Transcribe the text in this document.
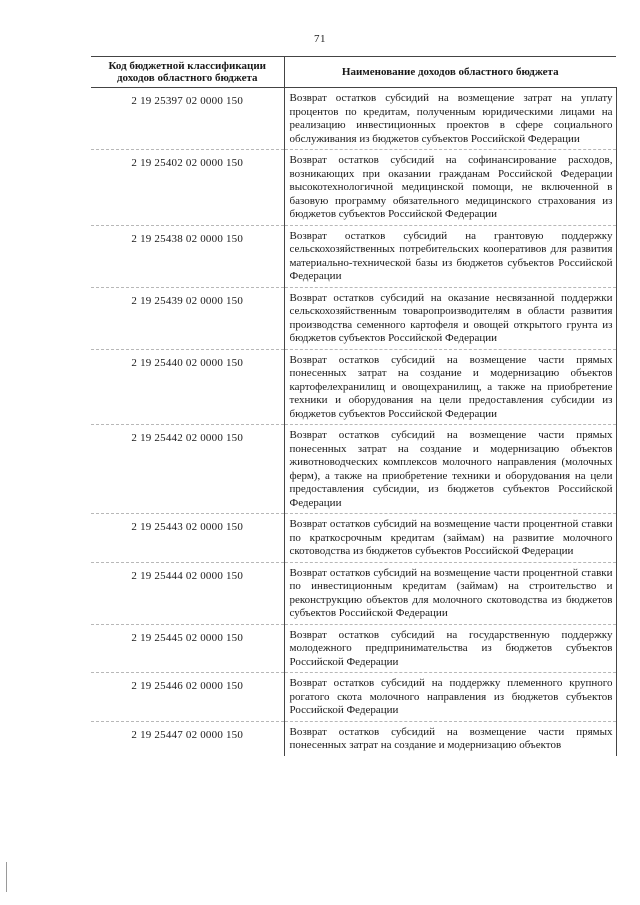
71
Код бюджетной классификации доходов областного бюджета	Наименование доходов областного бюджета
2 19 25397 02 0000 150	Возврат остатков субсидий на возмещение затрат на уплату процентов по кредитам, полученным юридическими лицами на реализацию инвестиционных проектов в сфере социального обслуживания из бюджетов субъектов Российской Федерации
2 19 25402 02 0000 150	Возврат остатков субсидий на софинансирование расходов, возникающих при оказании гражданам Российской Федерации высокотехнологичной медицинской помощи, не включенной в базовую программу обязательного медицинского страхования из бюджетов субъектов Российской Федерации
2 19 25438 02 0000 150	Возврат остатков субсидий на грантовую поддержку сельскохозяйственных потребительских кооперативов для развития материально-технической базы из бюджетов субъектов Российской Федерации
2 19 25439 02 0000 150	Возврат остатков субсидий на оказание несвязанной поддержки сельскохозяйственным товаропроизводителям в области развития производства семенного картофеля и овощей открытого грунта из бюджетов субъектов Российской Федерации
2 19 25440 02 0000 150	Возврат остатков субсидий на возмещение части прямых понесенных затрат на создание и модернизацию объектов картофелехранилищ и овощехранилищ, а также на приобретение техники и оборудования на цели предоставления субсидии из бюджетов субъектов Российской Федерации
2 19 25442 02 0000 150	Возврат остатков субсидий на возмещение части прямых понесенных затрат на создание и модернизацию объектов животноводческих комплексов молочного направления (молочных ферм), а также на приобретение техники и оборудования на цели предоставления субсидии, из бюджетов субъектов Российской Федерации
2 19 25443 02 0000 150	Возврат остатков субсидий на возмещение части процентной ставки по краткосрочным кредитам (займам) на развитие молочного скотоводства из бюджетов субъектов Российской Федерации
2 19 25444 02 0000 150	Возврат остатков субсидий на возмещение части процентной ставки по инвестиционным кредитам (займам) на строительство и реконструкцию объектов для молочного скотоводства из бюджетов субъектов Российской Федерации
2 19 25445 02 0000 150	Возврат остатков субсидий на государственную поддержку молодежного предпринимательства из бюджетов субъектов Российской Федерации
2 19 25446 02 0000 150	Возврат остатков субсидий на поддержку племенного крупного рогатого скота молочного направления из бюджетов субъектов Российской Федерации
2 19 25447 02 0000 150	Возврат остатков субсидий на возмещение части прямых понесенных затрат на создание и модернизацию объектов
